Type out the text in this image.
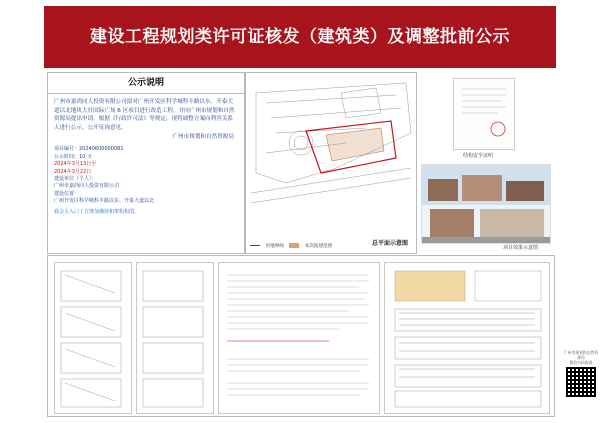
建设工程规划类许可证核发（建筑类）及调整批前公示
公示说明
广州市嘉尚同人投资有限公司拟对广州开发区科学城科丰路以东、开泰大道以北地块大壮国际广场 6 区项目进行改造工程，并向广州市规划和自然资源局提出申请。根据《行政许可法》等规定，现将调整方案向利害关系人进行公示，公开征询意见。
广州市规划和自然资源局
项目编号：20240600000081
公示时间：10 天
2024年3月13日至
2024年3月22日
建设单位（个人）：
广州市嘉尚同人投资有限公司
建设位置：
广州开发区科学城科丰路以东、开泰大道以北
我会主入口上方增加播放和架构构图。
用地界线	本次报建范围	总平面示意图
结构安全证明
项目效果示意图
广州市规划和自然资源局
微信扫码查看
